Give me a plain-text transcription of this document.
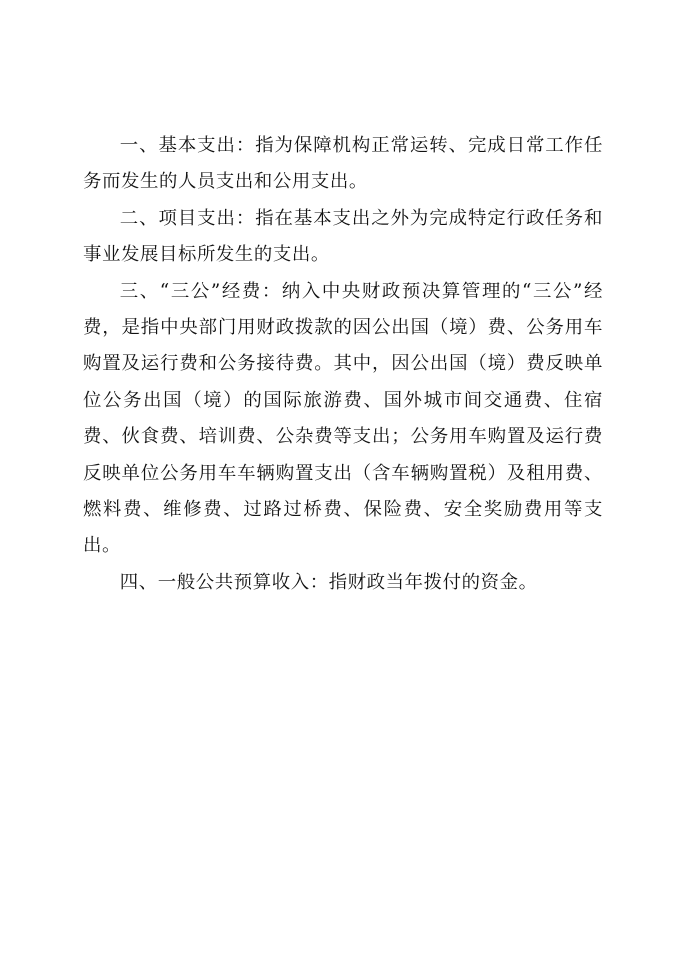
一、基本支出：指为保障机构正常运转、完成日常工作任务而发生的人员支出和公用支出。

二、项目支出：指在基本支出之外为完成特定行政任务和事业发展目标所发生的支出。

三、“三公”经费：纳入中央财政预决算管理的“三公”经费，是指中央部门用财政拨款的因公出国（境）费、公务用车购置及运行费和公务接待费。其中，因公出国（境）费反映单位公务出国（境）的国际旅游费、国外城市间交通费、住宿费、伙食费、培训费、公杂费等支出；公务用车购置及运行费反映单位公务用车车辆购置支出（含车辆购置税）及租用费、燃料费、维修费、过路过桥费、保险费、安全奖励费用等支出。

四、一般公共预算收入：指财政当年拨付的资金。
